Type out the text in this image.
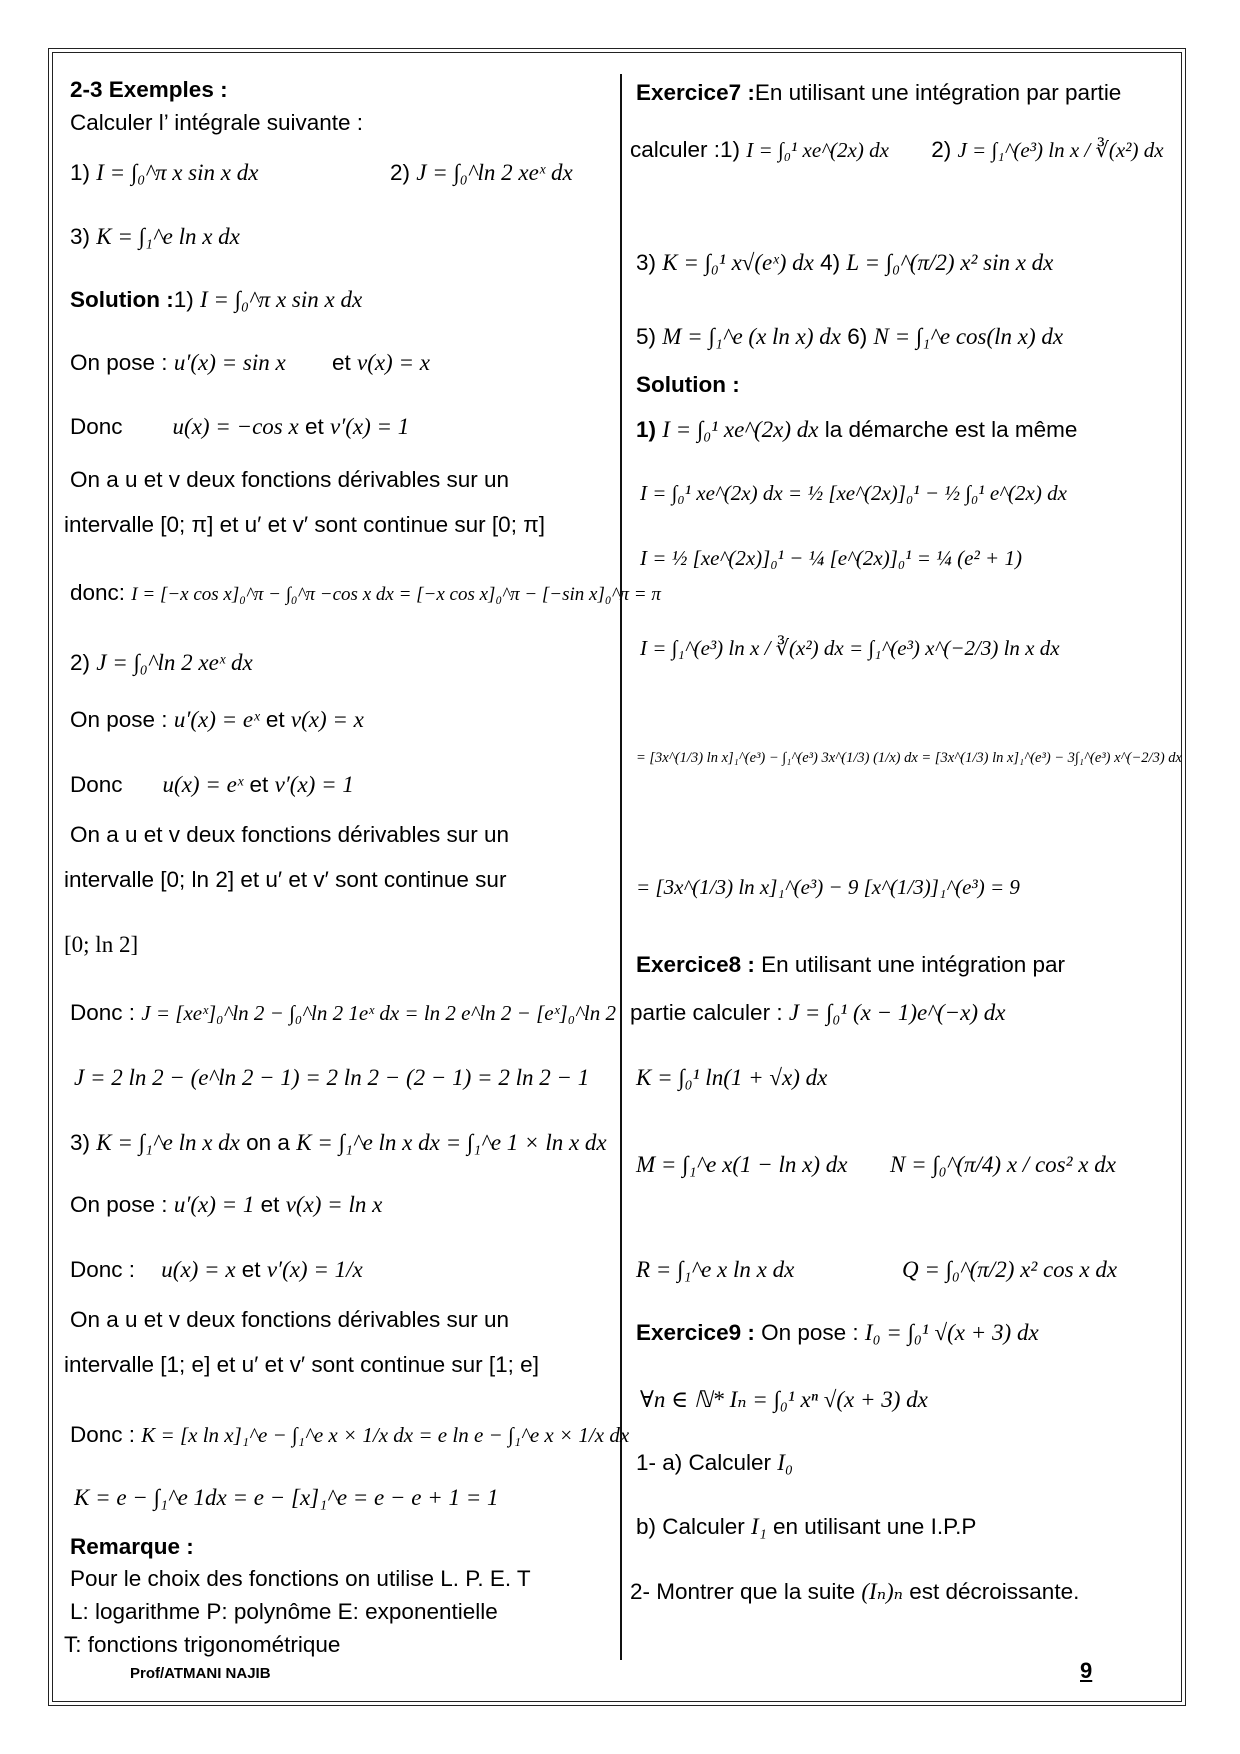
2-3 Exemples :
Calculer l’ intégrale suivante :
1) I = ∫₀^π x sin x dx	2) J = ∫₀^ln 2 xeˣ dx
3) K = ∫₁^e ln x dx
Solution :1) I = ∫₀^π x sin x dx
On pose : u′(x) = sin x et v(x) = x
Donc u(x) = −cos x et v′(x) = 1
On a u et v deux fonctions dérivables sur un
intervalle [0; π] et u′ et v′ sont continue sur [0; π]
donc: I = [−x cos x]₀^π − ∫₀^π −cos x dx = [−x cos x]₀^π − [−sin x]₀^π = π
2) J = ∫₀^ln 2 xeˣ dx
On pose : u′(x) = eˣ et v(x) = x
Donc u(x) = eˣ et v′(x) = 1
On a u et v deux fonctions dérivables sur un
intervalle [0; ln 2] et u′ et v′ sont continue sur
[0; ln 2]
Donc : J = [xeˣ]₀^ln 2 − ∫₀^ln 2 1eˣ dx = ln 2 e^ln 2 − [eˣ]₀^ln 2
J = 2 ln 2 − (e^ln 2 − 1) = 2 ln 2 − (2 − 1) = 2 ln 2 − 1
3) K = ∫₁^e ln x dx on a K = ∫₁^e ln x dx = ∫₁^e 1 × ln x dx
On pose : u′(x) = 1 et v(x) = ln x
Donc : u(x) = x et v′(x) = 1/x
On a u et v deux fonctions dérivables sur un
intervalle [1; e] et u′ et v′ sont continue sur [1; e]
Donc : K = [x ln x]₁^e − ∫₁^e x × 1/x dx = e ln e − ∫₁^e x × 1/x dx
K = e − ∫₁^e 1dx = e − [x]₁^e = e − e + 1 = 1
Remarque :
Pour le choix des fonctions on utilise L. P. E. T
L: logarithme P: polynôme E: exponentielle
T: fonctions trigonométrique
Exercice7 :En utilisant une intégration par partie
calculer :1) I = ∫₀¹ xe^(2x) dx 2) J = ∫₁^(e³) ln x / ∛(x²) dx
3) K = ∫₀¹ x√(eˣ) dx 4) L = ∫₀^(π/2) x² sin x dx
5) M = ∫₁^e (x ln x) dx 6) N = ∫₁^e cos(ln x) dx
Solution :
1) I = ∫₀¹ xe^(2x) dx la démarche est la même
I = ∫₀¹ xe^(2x) dx = ½ [xe^(2x)]₀¹ − ½ ∫₀¹ e^(2x) dx
I = ½ [xe^(2x)]₀¹ − ¼ [e^(2x)]₀¹ = ¼ (e² + 1)
I = ∫₁^(e³) ln x / ∛(x²) dx = ∫₁^(e³) x^(−2/3) ln x dx
= [3x^(1/3) ln x]₁^(e³) − ∫₁^(e³) 3x^(1/3) (1/x) dx = [3x^(1/3) ln x]₁^(e³) − 3∫₁^(e³) x^(−2/3) dx
= [3x^(1/3) ln x]₁^(e³) − 9 [x^(1/3)]₁^(e³) = 9
Exercice8 : En utilisant une intégration par
partie calculer : J = ∫₀¹ (x − 1)e^(−x) dx
K = ∫₀¹ ln(1 + √x) dx
M = ∫₁^e x(1 − ln x) dx N = ∫₀^(π/4) x / cos² x dx
R = ∫₁^e x ln x dx	Q = ∫₀^(π/2) x² cos x dx
Exercice9 : On pose : I₀ = ∫₀¹ √(x + 3) dx
∀n ∈ ℕ* Iₙ = ∫₀¹ xⁿ √(x + 3) dx
1- a) Calculer I₀
b) Calculer I₁ en utilisant une I.P.P
2- Montrer que la suite (Iₙ)ₙ est décroissante.
Prof/ATMANI NAJIB	9
